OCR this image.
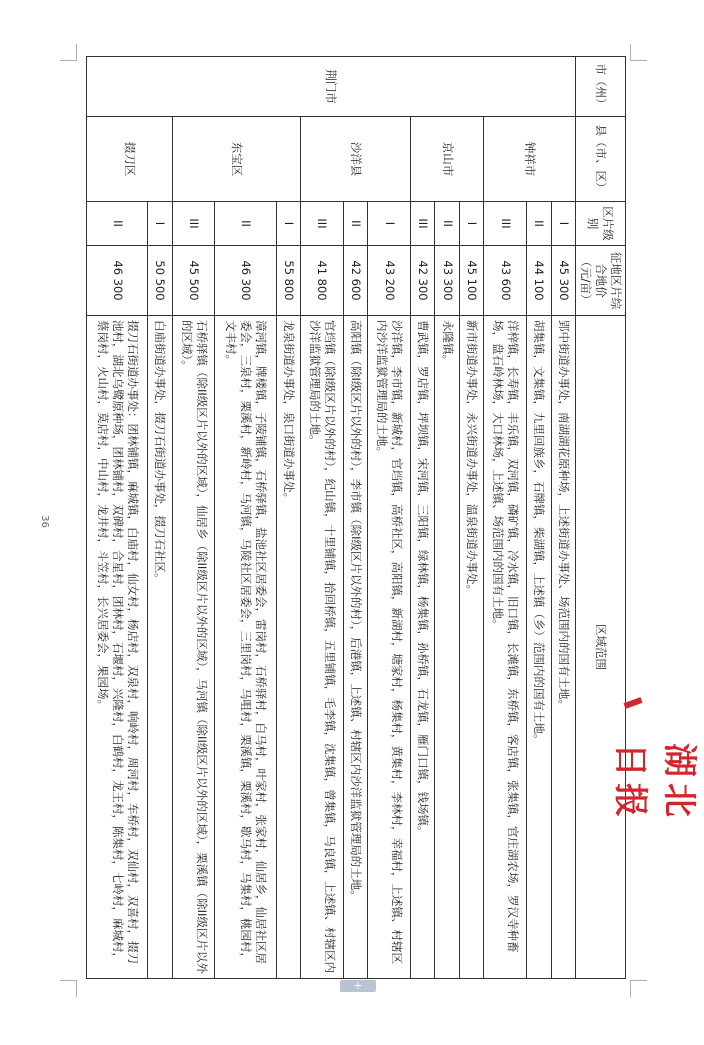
36
市（州）	县（市、区）	区片级别	征地区片综合地价（元/亩）	区域范围
荆门市	钟祥市	I	45 300	郢中街道办事处，南湖湖花原种场，上述街道办事处、场范围内的国有土地。
		II	44 100	胡集镇，文集镇，九里回族乡，石牌镇，柴湖镇，上述镇（乡）范围内的国有土地。
		III	43 600	洋梓镇，长寿镇，丰乐镇，双河镇，磷矿镇，冷水镇，旧口镇，长滩镇，东桥镇，客店镇，张集镇，官庄湖农场，罗汉寺种畜场，盘石岭林场，大口林场，上述镇、场范围内的国有土地。
	京山市	I	45 100	新市街道办事处，永兴街道办事处，温泉街道办事处。
		II	43 300	永隆镇。
		III	42 300	曹武镇，罗店镇，坪坝镇，宋河镇，三阳镇，绿林镇，杨集镇，孙桥镇，石龙镇，雁门口镇，钱场镇。
	沙洋县	I	43 200	沙洋镇，李市镇，新城村，官垱镇，高桥社区，高阳镇，新湖村，塘家村，杨集村，黄集村，李林村，幸福村，上述镇、村辖区内沙洋监狱管理局的土地。
		II	42 600	高阳镇（除I级区片以外的村），李市镇（除I级区片以外的村），后港镇，上述镇、村辖区内沙洋监狱管理局的土地。
		III	41 800	官垱镇（除I级区片以外的村），纪山镇，十里铺镇，拾回桥镇，五里铺镇，毛李镇，沈集镇，曾集镇，马良镇，上述镇、村辖区内沙洋监狱管理局的土地。
	东宝区	I	55 800	龙泉街道办事处，泉口街道办事处。
		II	46 300	漳河镇，牌楼镇，子陵铺镇，石桥驿镇，盐池社区居委会，雷岗村，石桥驿村，白马村，叶家村，张家村，仙居乡，仙居社区居委会，三泉村，栗溪村，新岭村，马河镇，马陵社区居委会，三里岗村，马咀村，栗溪镇，栗溪村，歇马村，马集村，桃园村，文丰村。
		III	45 500	石桥驿镇（除II级区片以外的区域），仙居乡（除II级区片以外的区域），马河镇（除II级区片以外的区域），栗溪镇（除II级区片以外的区域）。
	掇刀区	I	50 500	白庙街道办事处，掇刀石街道办事处，掇刀石社区。
		II	46 300	掇刀石街道办事处：团林铺镇，麻城镇，白庙村，仙女村，杨店村，双泉村，响岭村，周河村，车桥村，双仙村，双喜村，掇刀池村，湖北乌鹭原种场，团林铺村，双碑村，合星村，团林村，石堰村，兴隆村，白鹤村，龙王村，陈集村，七岭村，麻城村，蔡岗村，火山村，莫店村，中山村，龙井村，斗笠村，长兴居委会，果园场。
湖北日报
+
